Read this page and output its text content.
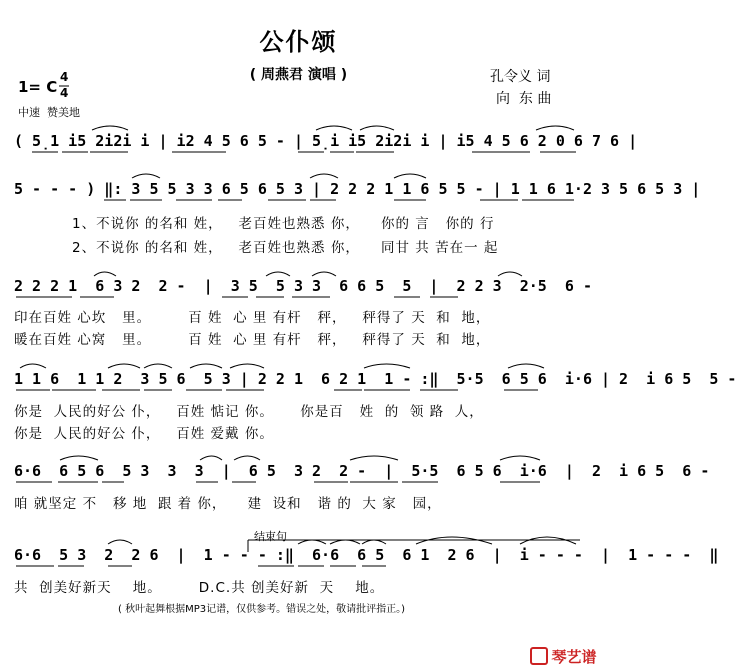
公仆颂
( 周燕君 演唱 )	孔令义 词
向  东 曲
1= C
4
4
中速  赞美地
( 5̣1 i5 2i2i i | i2 4 5 6 5 - | 5̣i i5 2i2i i | i5 4 5 6 2 0 6 7 6 |
5 - - - ) ‖: 3 5 5 3 3 6 5 6 5 3 | 2 2 2 1 1 6 5 5 - | 1 1 6 1·2 3 5 6 5 3 |
1、不说你 的名和 姓，   老百姓也熟悉 你，    你的 言   你的 行
2、不说你 的名和 姓，   老百姓也熟悉 你，    同甘 共 苦在一 起
2 2 2 1  6 3 2  2 -  |  3 5  5 3 3  6 6 5  5  |  2 2 3  2·5  6 -
印在百姓 心坎   里。       百 姓  心 里 有杆   秤，   秤得了 天  和  地，
暖在百姓 心窝   里。       百 姓  心 里 有杆   秤，   秤得了 天  和  地，
1 1 6  1 1 2  3 5 6  5 3 | 2 2 1  6 2 1  1 - :‖  5·5  6 5 6  i·6 | 2  i 6 5  5 -
你是  人民的好公 仆，   百姓 惦记 你。     你是百   姓  的  领 路  人，
你是  人民的好公 仆，   百姓 爱戴 你。
6·6  6 5 6  5 3  3  3  |  6 5  3 2  2 -  |  5·5  6 5 6  i·6  |  2  i 6 5  6 -
咱 就坚定 不   移 地  跟 着 你，    建  设和   谐 的  大 家   园，
结束句
6·6  5 3  2  2 6  |  1 - - - :‖  6·6  6 5  6 1  2 6  |  i - - -  |  1 - - -  ‖
共  创美好新天    地。       D.C.共 创美好新  天    地。
( 秋叶起舞根据MP3记谱，仅供参考。错误之处，敬请批评指正。)

琴艺谱
